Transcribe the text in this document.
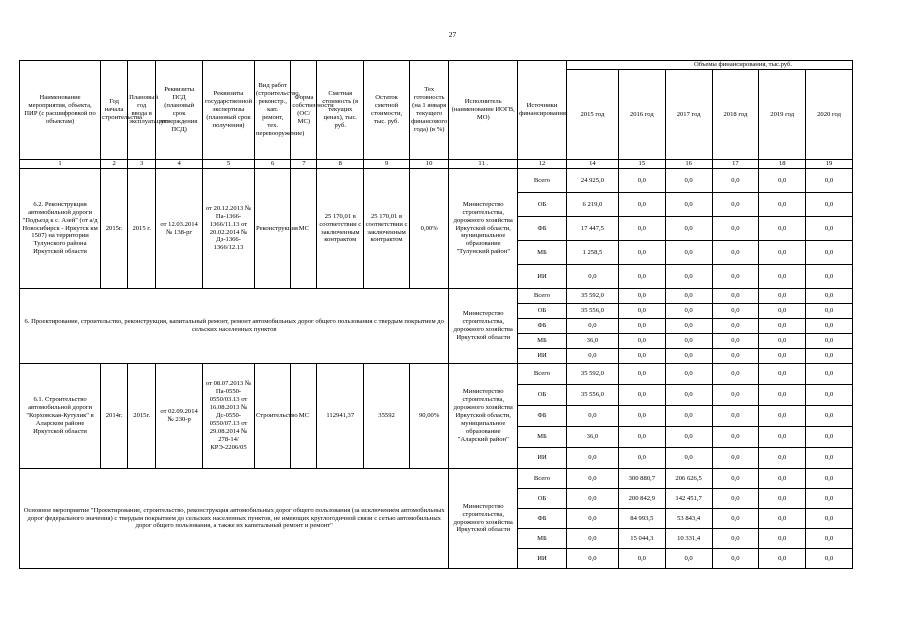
27
Наименование мероприятия, объекта, ПИР (с расшифровкой по объектам)	Год начала строительства	Плановый год ввода в эксплуатацию	Реквизиты ПСД (плановый срок утверждения ПСД)	Реквизиты государственной экспертизы (плановый срок получения)	Вид работ (строительство, реконстр., кап. ремонт, тех. перевооружение)	Форма собственности (ОС/МС)	Сметная стоимость (в текущих ценах), тыс. руб.	Остаток сметной стоимости, тыс. руб.	Тех готовность (на 1 января текущего финансового года) (в %)	Исполнитель (наименование ИОГВ, МО)	Источники финансирования	Объемы финансирования, тыс.руб.					
												2015 год	2016 год	2017 год	2018 год	2019 год	2020 год
1	2	3	4	5	6	7	8	9	10	11 .	12	14	15	16	17	18	19
6.2. Реконструкция автомобильной дороги "Подъезд к с. Азей" (от а/д Новосибирск - Иркутск км 1507) на территории Тулунского района Иркутской области	2015г.	2015 г.	от 12.03.2014 № 138-рг	от 20.12.2013 № Па-1366-1366/11.13 от 20.02.2014 № Дз-1366-1366/12.13	Реконструкция	МС	25 170,01 в соответствии с заключенным контрактом	25 170,01 в соответствии с заключенным контрактом	0,00%	Министерство строительства, дорожного хозяйства Иркутской области, муниципальное образование "Тулунский район"	Всего	24 925,0	0,0	0,0	0,0	0,0	0,0
											ОБ	6 219,0	0,0	0,0	0,0	0,0	0,0
											ФБ	17 447,5	0,0	0,0	0,0	0,0	0,0
											МБ	1 258,5	0,0	0,0	0,0	0,0	0,0
											ИИ	0,0	0,0	0,0	0,0	0,0	0,0
6. Проектирование, строительство, реконструкция, капитальный ремонт, ремонт автомобильных дорог общего пользования с твердым покрытием до сельских населенных пунктов										Министерство строительства, дорожного хозяйства Иркутской области	Всего	35 592,0	0,0	0,0	0,0	0,0	0,0
											ОБ	35 556,0	0,0	0,0	0,0	0,0	0,0
											ФБ	0,0	0,0	0,0	0,0	0,0	0,0
											МБ	36,0	0,0	0,0	0,0	0,0	0,0
											ИИ	0,0	0,0	0,0	0,0	0,0	0,0
6.1. Строительство автомобильной дороги "Корховская-Кутулик" в Аларском районе Иркутской области	2014г.	2015г.	от 02.09.2014 № 230-р	от 08.07.2013 № Па-0550-0550/03.13 от 16.08.2013 № Дс-0550-0550/07.13 от 29.08.2014 № 278-14/КРЭ-2206/05	Строительство	МС	112941,37	35592	90,00%	Министерство строительства, дорожного хозяйства Иркутской области, муниципальное образование "Аларский район"	Всего	35 592,0	0,0	0,0	0,0	0,0	0,0
											ОБ	35 556,0	0,0	0,0	0,0	0,0	0,0
											ФБ	0,0	0,0	0,0	0,0	0,0	0,0
											МБ	36,0	0,0	0,0	0,0	0,0	0,0
											ИИ	0,0	0,0	0,0	0,0	0,0	0,0
Основное мероприятие "Проектирование, строительство, реконструкция автомобильных дорог общего пользования (за исключением автомобильных дорог федерального значения) с твердым покрытием до сельских населенных пунктов, не имеющих круглогодичной связи с сетью автомобильных дорог общего пользования, а также их капитальный ремонт и ремонт"										Министерство строительства, дорожного хозяйства Иркутской области	Всего	0,0	300 880,7	206 626,5	0,0	0,0	0,0
											ОБ	0,0	200 842,9	142 451,7	0,0	0,0	0,0
											ФБ	0,0	84 993,5	53 843,4	0,0	0,0	0,0
											МБ	0,0	15 044,3	10 331,4	0,0	0,0	0,0
											ИИ	0,0	0,0	0,0	0,0	0,0	0,0
